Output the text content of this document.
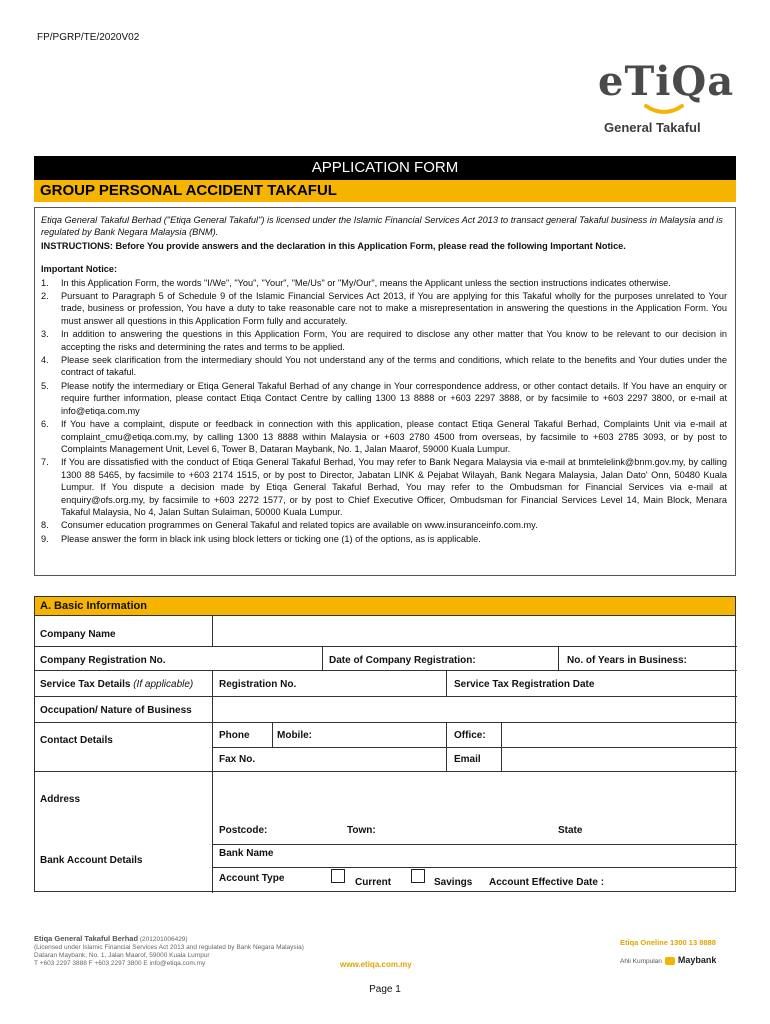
FP/PGRP/TE/2020V02
eTiQa
General Takaful
APPLICATION FORM
GROUP PERSONAL ACCIDENT TAKAFUL
Etiqa General Takaful Berhad ("Etiqa General Takaful") is licensed under the Islamic Financial Services Act 2013 to transact general Takaful business in Malaysia and is regulated by Bank Negara Malaysia (BNM).
INSTRUCTIONS: Before You provide answers and the declaration in this Application Form, please read the following Important Notice.
Important Notice:
1. In this Application Form, the words "I/We", "You", "Your", "Me/Us" or "My/Our", means the Applicant unless the section instructions indicates otherwise.
2. Pursuant to Paragraph 5 of Schedule 9 of the Islamic Financial Services Act 2013, if You are applying for this Takaful wholly for the purposes unrelated to Your trade, business or profession, You have a duty to take reasonable care not to make a misrepresentation in answering the questions in the Application Form. You must answer all questions in this Application Form fully and accurately.
3. In addition to answering the questions in this Application Form, You are required to disclose any other matter that You know to be relevant to our decision in accepting the risks and determining the rates and terms to be applied.
4. Please seek clarification from the intermediary should You not understand any of the terms and conditions, which relate to the benefits and Your duties under the contract of takaful.
5. Please notify the intermediary or Etiqa General Takaful Berhad of any change in Your correspondence address, or other contact details. If You have an enquiry or require further information, please contact Etiqa Contact Centre by calling 1300 13 8888 or +603 2297 3888, or by facsimile to +603 2297 3800, or e-mail at info@etiqa.com.my
6. If You have a complaint, dispute or feedback in connection with this application, please contact Etiqa General Takaful Berhad, Complaints Unit via e-mail at complaint_cmu@etiqa.com.my, by calling 1300 13 8888 within Malaysia or +603 2780 4500 from overseas, by facsimile to +603 2785 3093, or by post to Complaints Management Unit, Level 6, Tower B, Dataran Maybank, No. 1, Jalan Maarof, 59000 Kuala Lumpur.
7. If You are dissatisfied with the conduct of Etiqa General Takaful Berhad, You may refer to Bank Negara Malaysia via e-mail at bnmtelelink@bnm.gov.my, by calling 1300 88 5465, by facsimile to +603 2174 1515, or by post to Director, Jabatan LINK & Pejabat Wilayah, Bank Negara Malaysia, Jalan Dato' Onn, 50480 Kuala Lumpur. If You dispute a decision made by Etiqa General Takaful Berhad, You may refer to the Ombudsman for Financial Services via e-mail at enquiry@ofs.org.my, by facsimile to +603 2272 1577, or by post to Chief Executive Officer, Ombudsman for Financial Services Level 14, Main Block, Menara Takaful Malaysia, No 4, Jalan Sultan Sulaiman, 50000 Kuala Lumpur.
8. Consumer education programmes on General Takaful and related topics are available on www.insuranceinfo.com.my.
9. Please answer the form in black ink using block letters or ticking one (1) of the options, as is applicable.
A. Basic Information
Company Name
Company Registration No.	Date of Company Registration:	No. of Years in Business:
Service Tax Details (If applicable)	Registration No.	Service Tax Registration Date
Occupation/ Nature of Business
Contact Details	Phone	Mobile:	Office:
Fax No.	Email
Address
Postcode:	Town:	State
Bank Account Details
Bank Name
Account Type	Current	Savings Account Effective Date :
Etiqa General Takaful Berhad (201201006429)
(Licensed under Islamic Financial Services Act 2013 and regulated by Bank Negara Malaysia)
Dataran Maybank, No. 1, Jalan Maarof, 59000 Kuala Lumpur
T +603 2297 3888 F +603 2297 3800 E info@etiqa.com.my	www.etiqa.com.my
Etiqa Oneline 1300 13 8888
Ahli Kumpulan Maybank
Page 1
